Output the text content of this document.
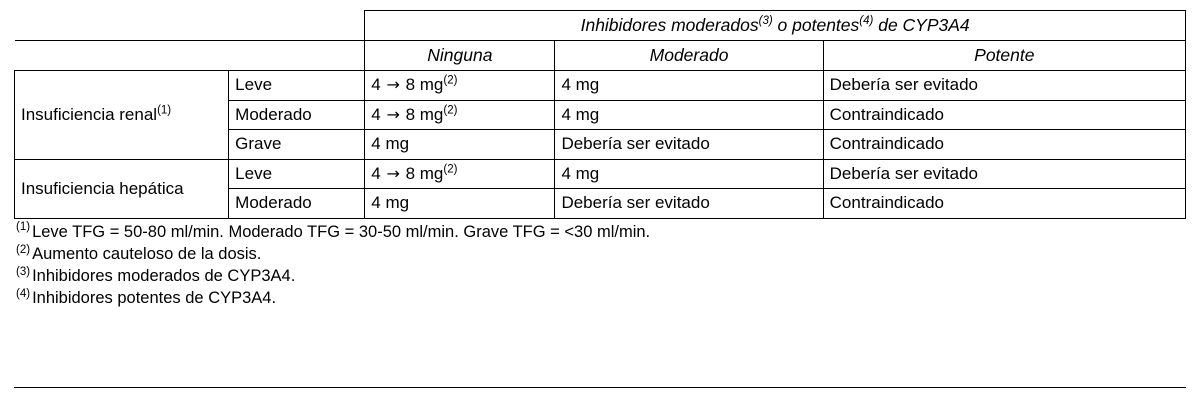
		Inhibidores moderados$^{(3)}$ o potentes$^{(4)}$ de CYP3A4		
		Ninguna	Moderado	Potente
Insuficiencia renal$^{(1)}$	Leve	4 → 8 $mg^{(2)}$	4 mg	Debería ser evitado
	Moderado	4 → 8 $mg^{(2)}$	4 mg	Contraindicado
	Grave	4 mg	Debería ser evitado	Contraindicado
Insuficiencia hepática	Leve	4 → 8 $mg^{(2)}$	4 mg	Debería ser evitado
	Moderado	4 mg	Debería ser evitado	Contraindicado
$^{(1)}$ Leve TFG = 50-80 ml/min. Moderado TFG = 30-50 ml/min. Grave TFG = <30 ml/min.
$^{(2)}$ Aumento cauteloso de la dosis.
$^{(3)}$ Inhibidores moderados de CYP3A4.
$^{(4)}$ Inhibidores potentes de CYP3A4.
